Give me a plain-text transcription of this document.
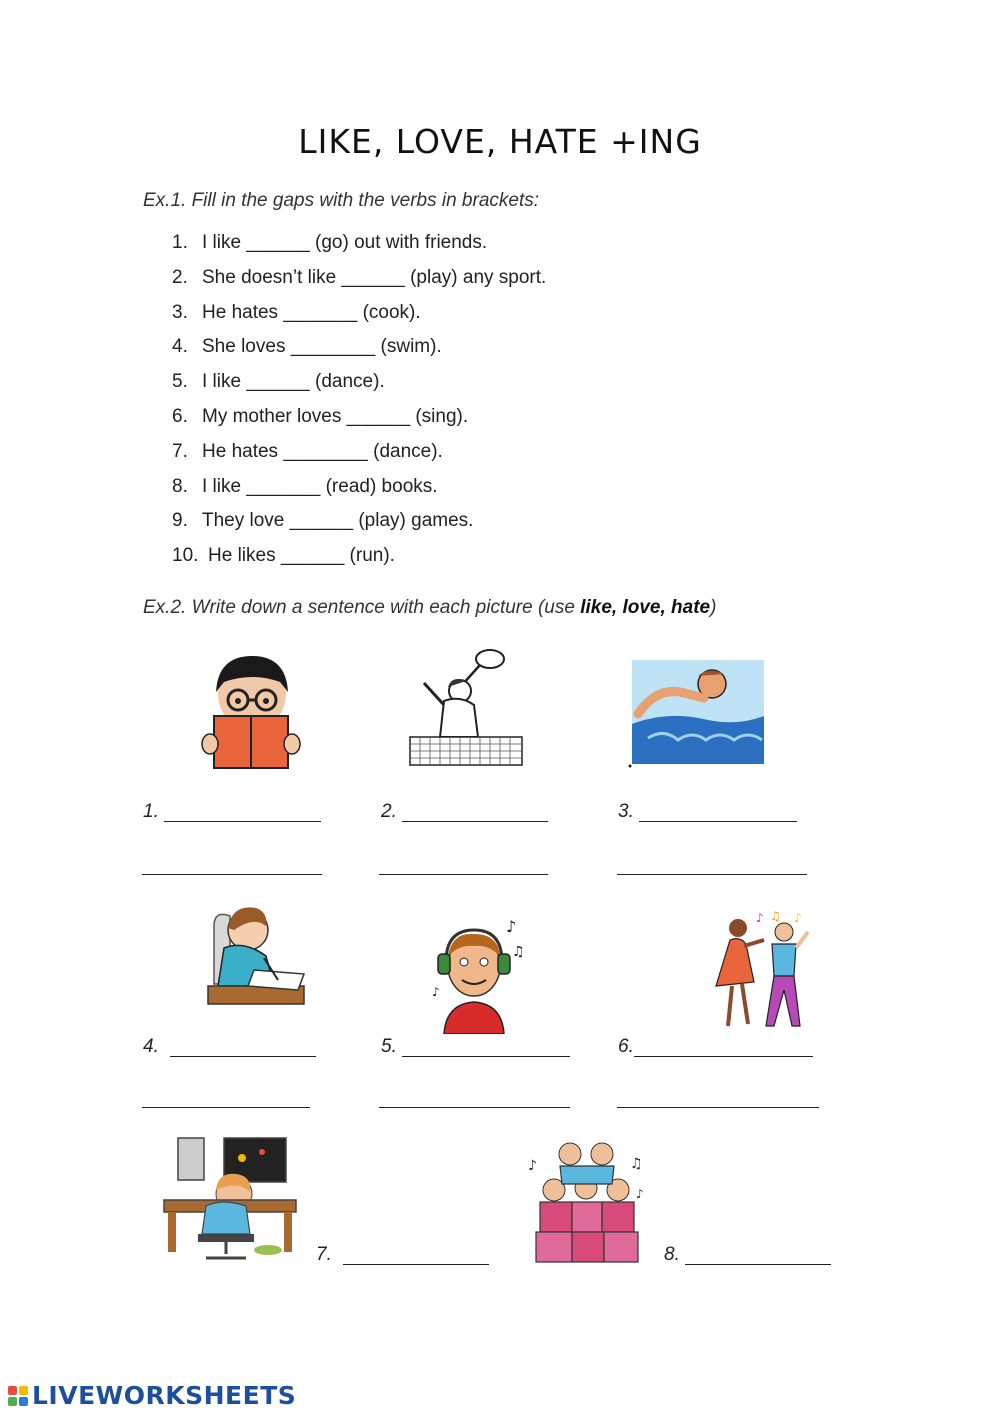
LIKE, LOVE, HATE +ING
Ex.1. Fill in the gaps with the verbs in brackets:
1. I like ______ (go) out with friends.
2. She doesn’t like ______ (play) any sport.
3. He hates _______ (cook).
4. She loves ________ (swim).
5. I like ______ (dance).
6. My mother loves ______ (sing).
7. He hates ________ (dance).
8. I like _______ (read) books.
9. They love ______ (play) games.
10. He likes ______ (run).
Ex.2. Write down a sentence with each picture (use like, love, hate)
1.	2.	3.
♪
♫
♪
♪ ♫ ♪
4.	5.	6.
7.
♪	♫
♪
8.
LIVEWORKSHEETS
